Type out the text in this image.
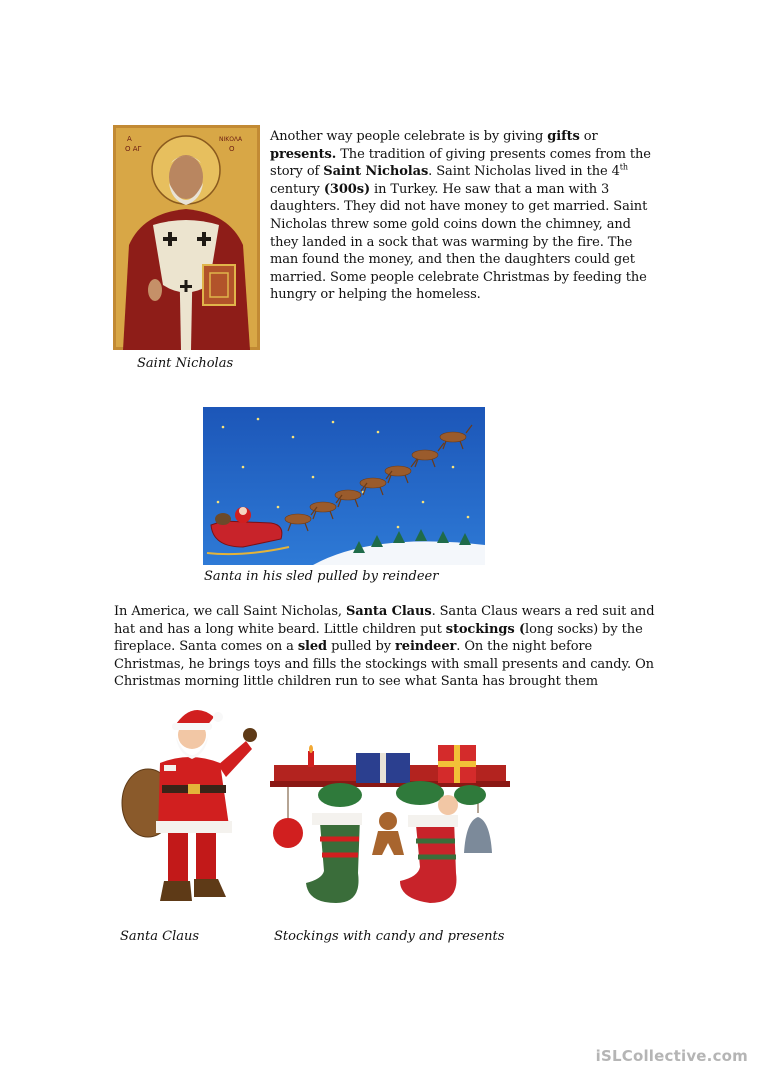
Α
Ο ΑΓ
ΝΙΚΟΛΑ
Ο
Another way people celebrate is by giving gifts or presents. The tradition of giving presents comes from the story of Saint Nicholas. Saint Nicholas lived in the 4th century (300s) in Turkey. He saw that a man with 3 daughters. They did not have money to get married. Saint Nicholas threw some gold coins down the chimney, and they landed in a sock that was warming by the fire. The man found the money, and then the daughters could get married. Some people celebrate Christmas by feeding the hungry or helping the homeless.
Saint Nicholas
Santa in his sled pulled by reindeer
In America, we call Saint Nicholas, Santa Claus. Santa Claus wears a red suit and hat and has a long white beard. Little children put stockings (long socks) by the fireplace. Santa comes on a sled pulled by reindeer. On the night before Christmas, he brings toys and fills the stockings with small presents and candy. On Christmas morning little children run to see what Santa has brought them
Santa Claus	Stockings with candy and presents
iSLCollective.com
